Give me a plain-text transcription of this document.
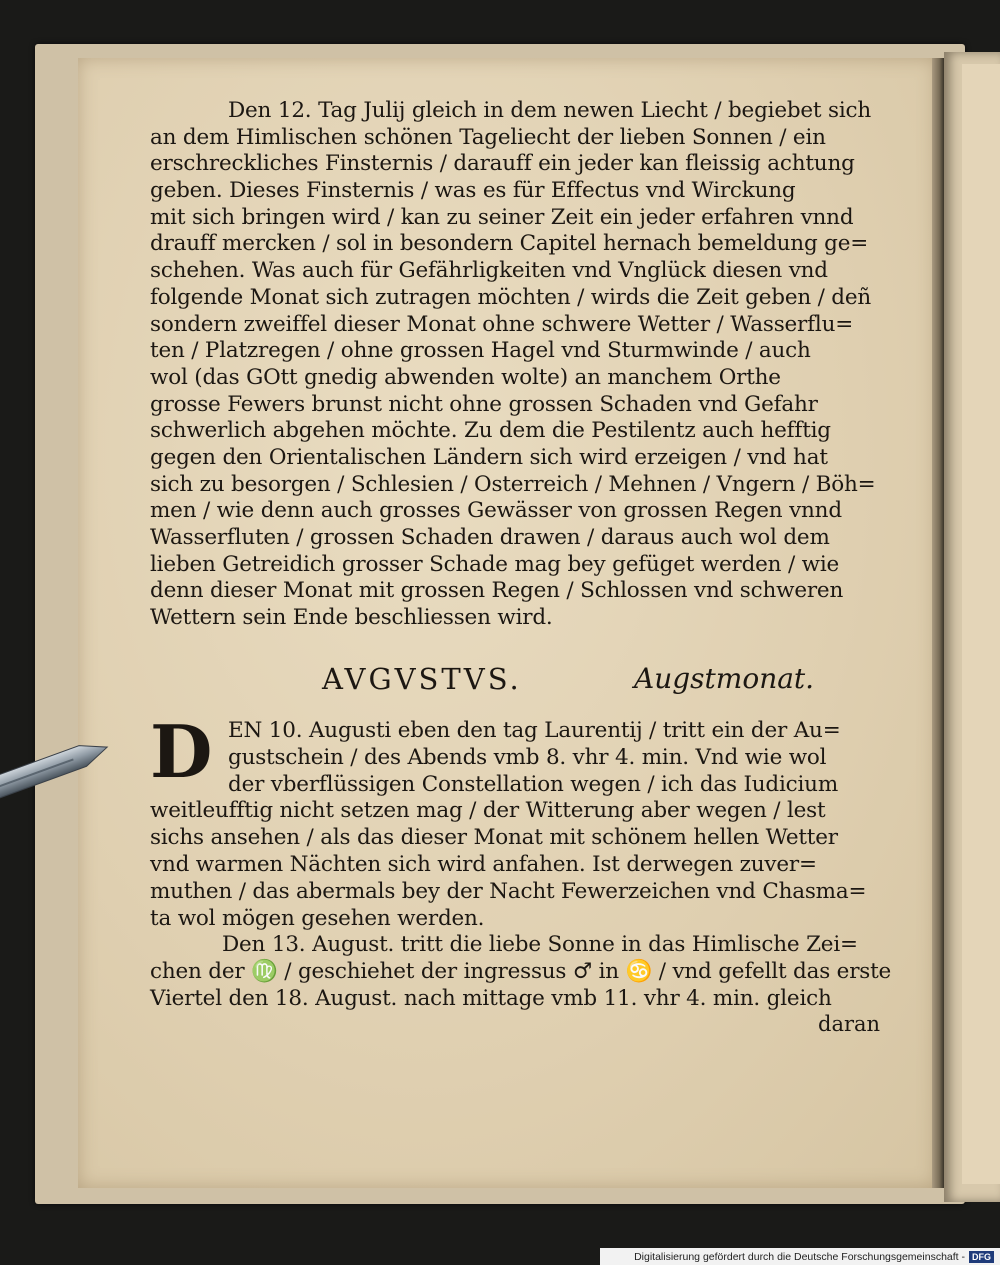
Den 12. Tag Julij gleich in dem newen Liecht / begiebet sich
an dem Himlischen schönen Tageliecht der lieben Sonnen / ein
erschreckliches Finsternis / darauff ein jeder kan fleissig achtung
geben. Dieses Finsternis / was es für Effectus vnd Wirckung
mit sich bringen wird / kan zu seiner Zeit ein jeder erfahren vnnd
drauff mercken / sol in besondern Capitel hernach bemeldung ge=
schehen. Was auch für Gefährligkeiten vnd Vnglück diesen vnd
folgende Monat sich zutragen möchten / wirds die Zeit geben / deñ
sondern zweiffel dieser Monat ohne schwere Wetter / Wasserflu=
ten / Platzregen / ohne grossen Hagel vnd Sturmwinde / auch
wol (das GOtt gnedig abwenden wolte) an manchem Orthe
grosse Fewers brunst nicht ohne grossen Schaden vnd Gefahr
schwerlich abgehen möchte. Zu dem die Pestilentz auch hefftig
gegen den Orientalischen Ländern sich wird erzeigen / vnd hat
sich zu besorgen / Schlesien / Osterreich / Mehnen / Vngern / Böh=
men / wie denn auch grosses Gewässer von grossen Regen vnnd
Wasserfluten / grossen Schaden drawen / daraus auch wol dem
lieben Getreidich grosser Schade mag bey gefüget werden / wie
denn dieser Monat mit grossen Regen / Schlossen vnd schweren
Wettern sein Ende beschliessen wird.
AVGVSTVS.	Augstmonat.
D EN 10. Augusti eben den tag Laurentij / tritt ein der Au=
gustschein / des Abends vmb 8. vhr 4. min. Vnd wie wol
der vberflüssigen Constellation wegen / ich das Iudicium
weitleufftig nicht setzen mag / der Witterung aber wegen / lest
sichs ansehen / als das dieser Monat mit schönem hellen Wetter
vnd warmen Nächten sich wird anfahen. Ist derwegen zuver=
muthen / das abermals bey der Nacht Fewerzeichen vnd Chasma=
ta wol mögen gesehen werden.
Den 13. August. tritt die liebe Sonne in das Himlische Zei=
chen der ♍ / geschiehet der ingressus ♂ in ♋ / vnd gefellt das erste
Viertel den 18. August. nach mittage vmb 11. vhr 4. min. gleich
daran
Digitalisierung gefördert durch die Deutsche Forschungsgemeinschaft - DFG
